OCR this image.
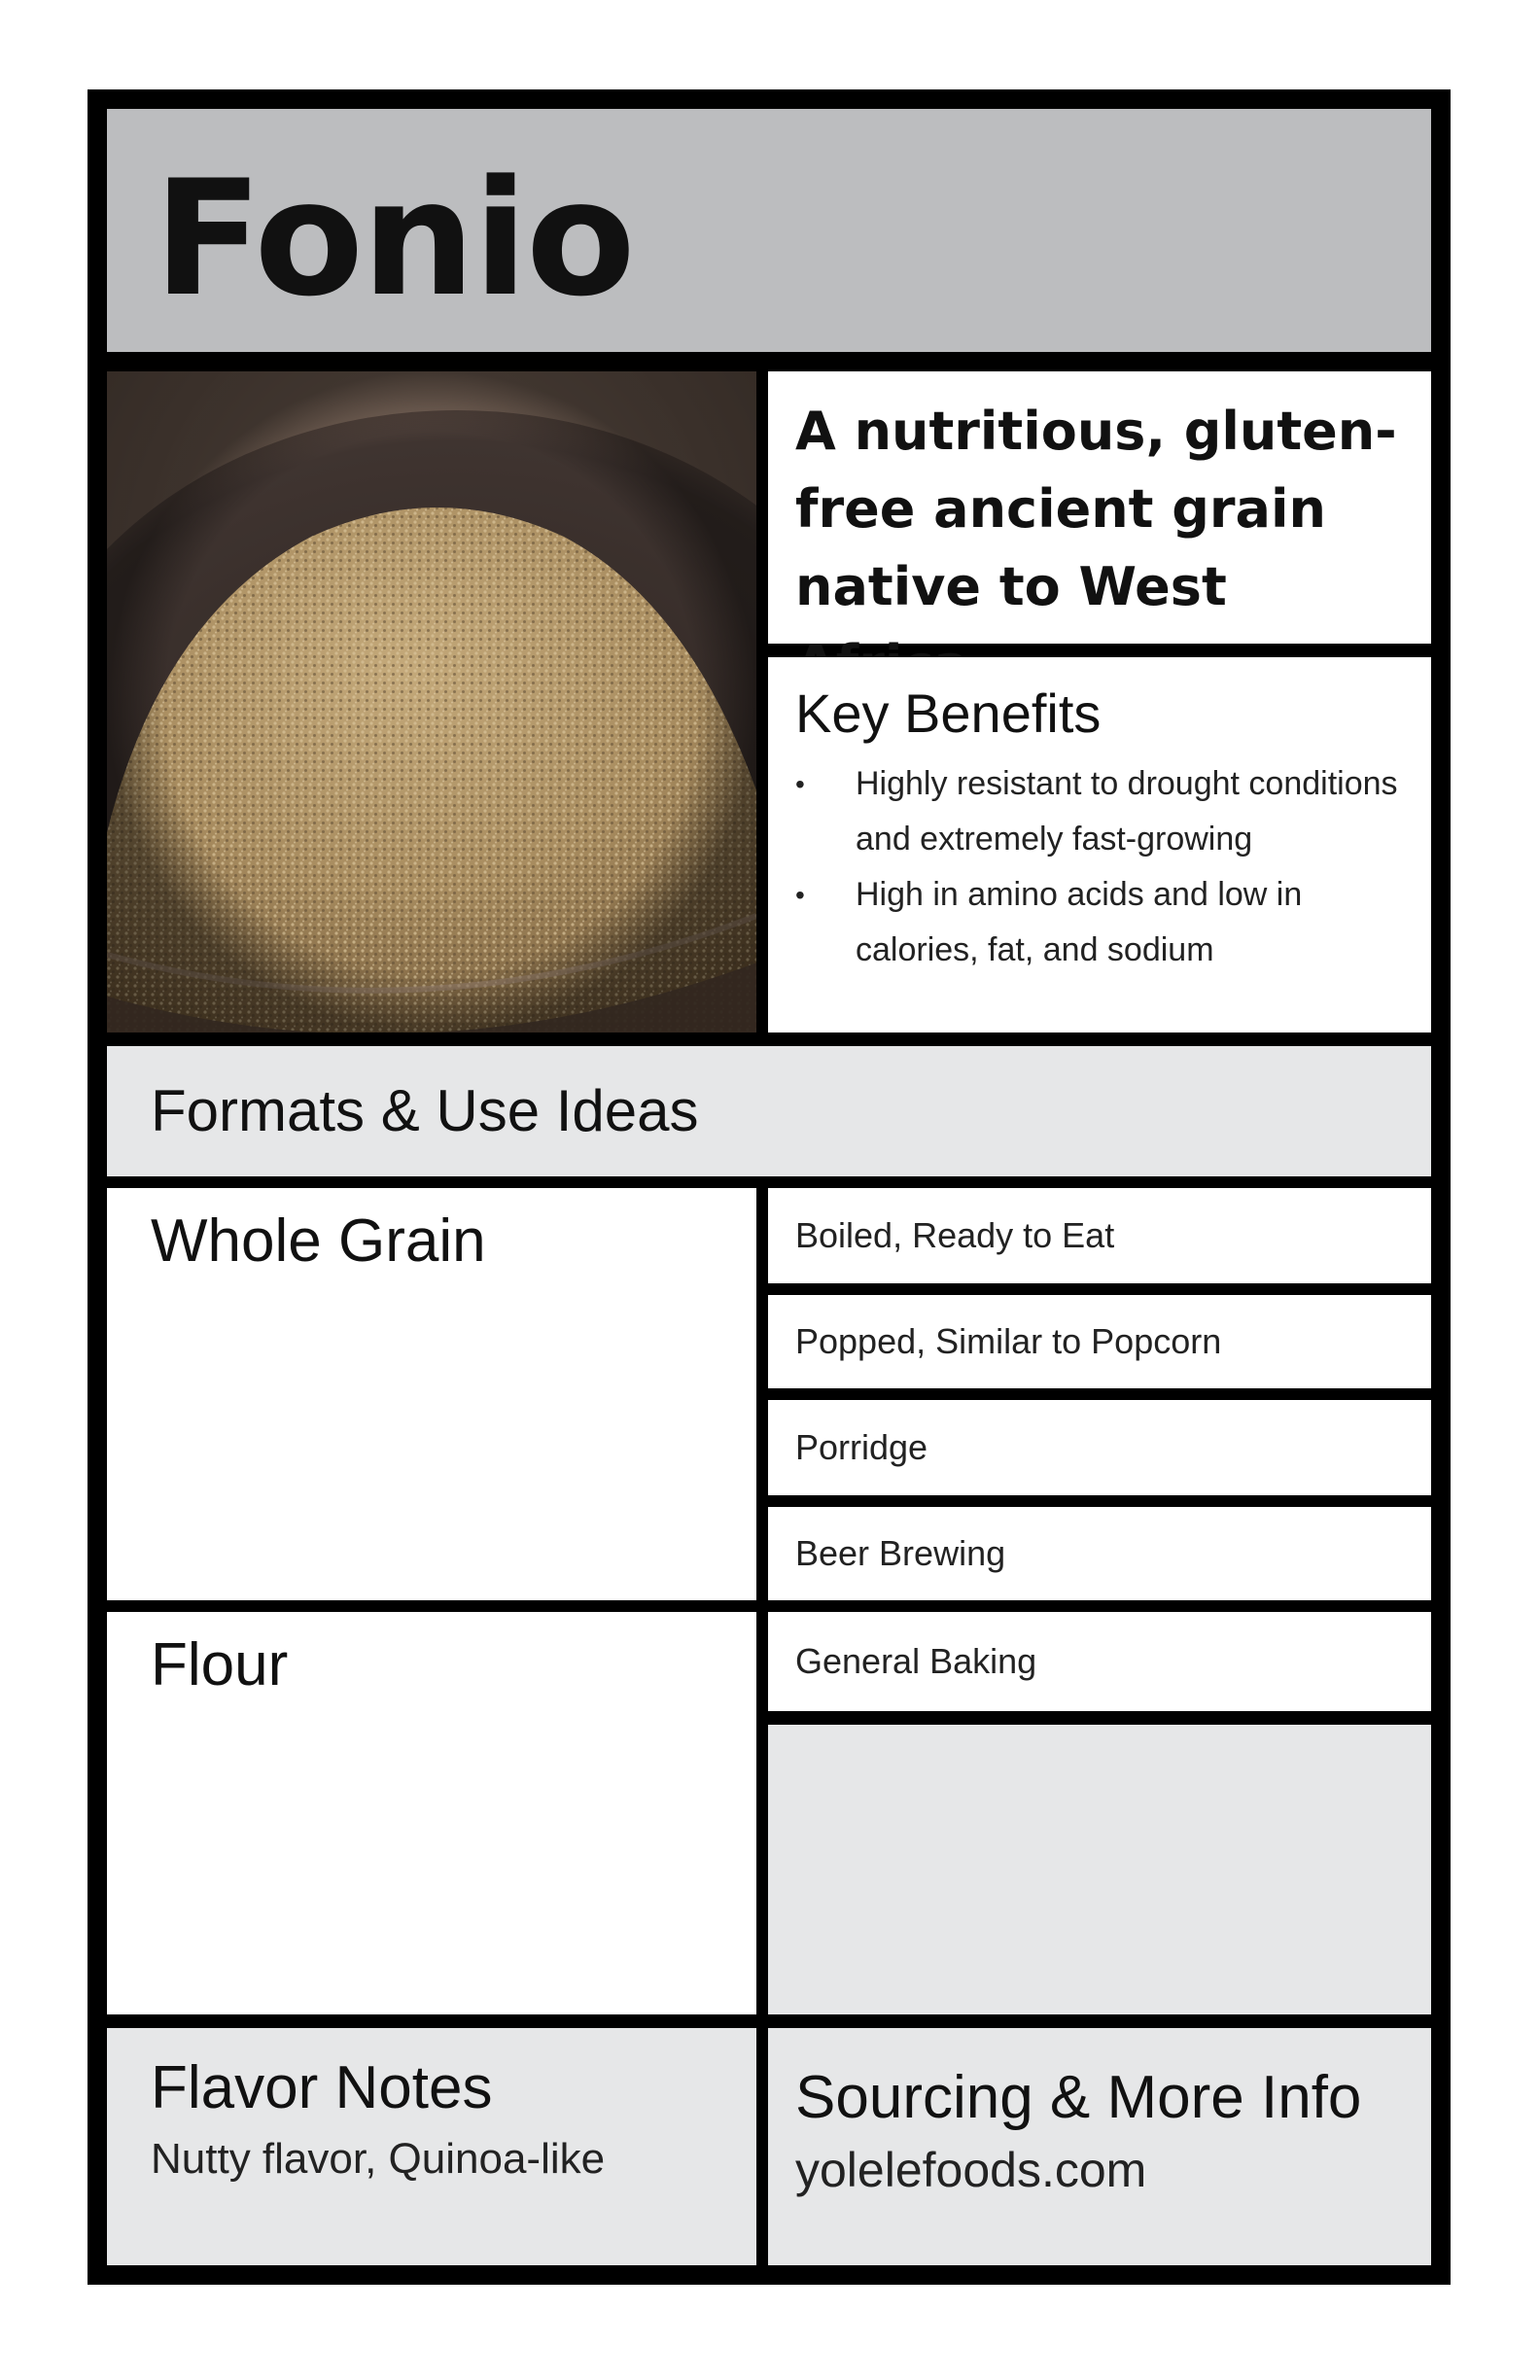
Fonio

A nutritious, gluten-free ancient grain native to West

Key Benefits
• Highly resistant to drought conditions and extremely fast-growing
• High in amino acids and low in calories, fat, and sodium
Formats & Use Ideas
Whole Grain	Boiled, Ready to Eat
Popped, Similar to Popcorn
Porridge
Beer Brewing
Flour	General Baking
Flavor Notes
Nutty flavor, Quinoa-like
Sourcing & More Info
yolelefoods.com
